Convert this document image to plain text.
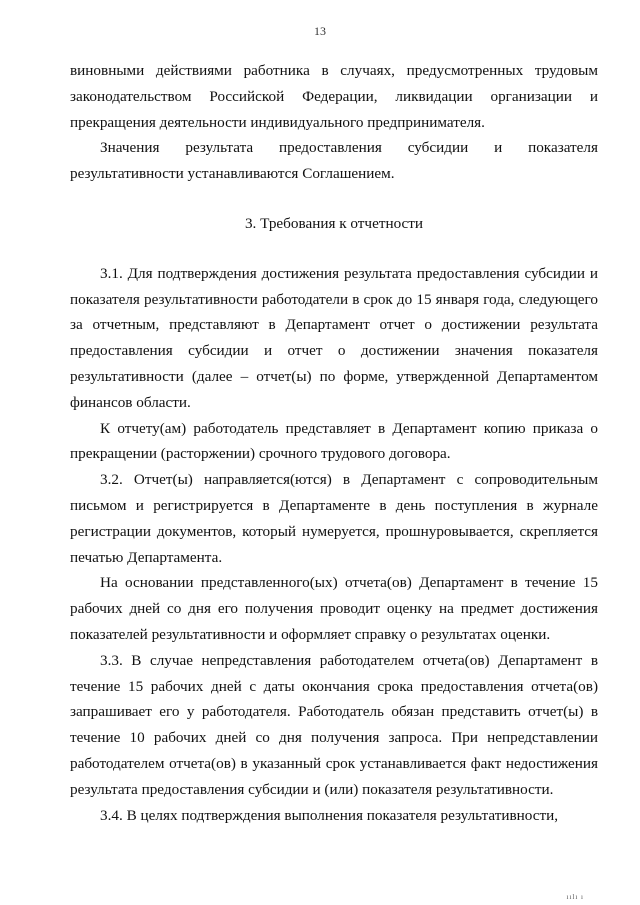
13

виновными действиями работника в случаях, предусмотренных трудовым законодательством Российской Федерации, ликвидации организации и прекращения деятельности индивидуального предпринимателя.

Значения результата предоставления субсидии и показателя результативности устанавливаются Соглашением.

3. Требования к отчетности

3.1. Для подтверждения достижения результата предоставления субсидии и показателя результативности работодатели в срок до 15 января года, следующего за отчетным, представляют в Департамент отчет о достижении результата предоставления субсидии и отчет о достижении значения показателя результативности (далее – отчет(ы) по форме, утвержденной Департаментом финансов области.

К отчету(ам) работодатель представляет в Департамент копию приказа о прекращении (расторжении) срочного трудового договора.

3.2. Отчет(ы) направляется(ются) в Департамент с сопроводительным письмом и регистрируется в Департаменте в день поступления в журнале регистрации документов, который нумеруется, прошнуровывается, скрепляется печатью Департамента.

На основании представленного(ых) отчета(ов) Департамент в течение 15 рабочих дней со дня его получения проводит оценку на предмет достижения показателей результативности и оформляет справку о результатах оценки.

3.3. В случае непредставления работодателем отчета(ов) Департамент в течение 15 рабочих дней с даты окончания срока предоставления отчета(ов) запрашивает его у работодателя. Работодатель обязан представить отчет(ы) в течение 10 рабочих дней со дня получения запроса. При непредставлении работодателем отчета(ов) в указанный срок устанавливается факт недостижения результата предоставления субсидии и (или) показателя результативности.

3.4. В целях подтверждения выполнения показателя результативности,

ıılı ı
